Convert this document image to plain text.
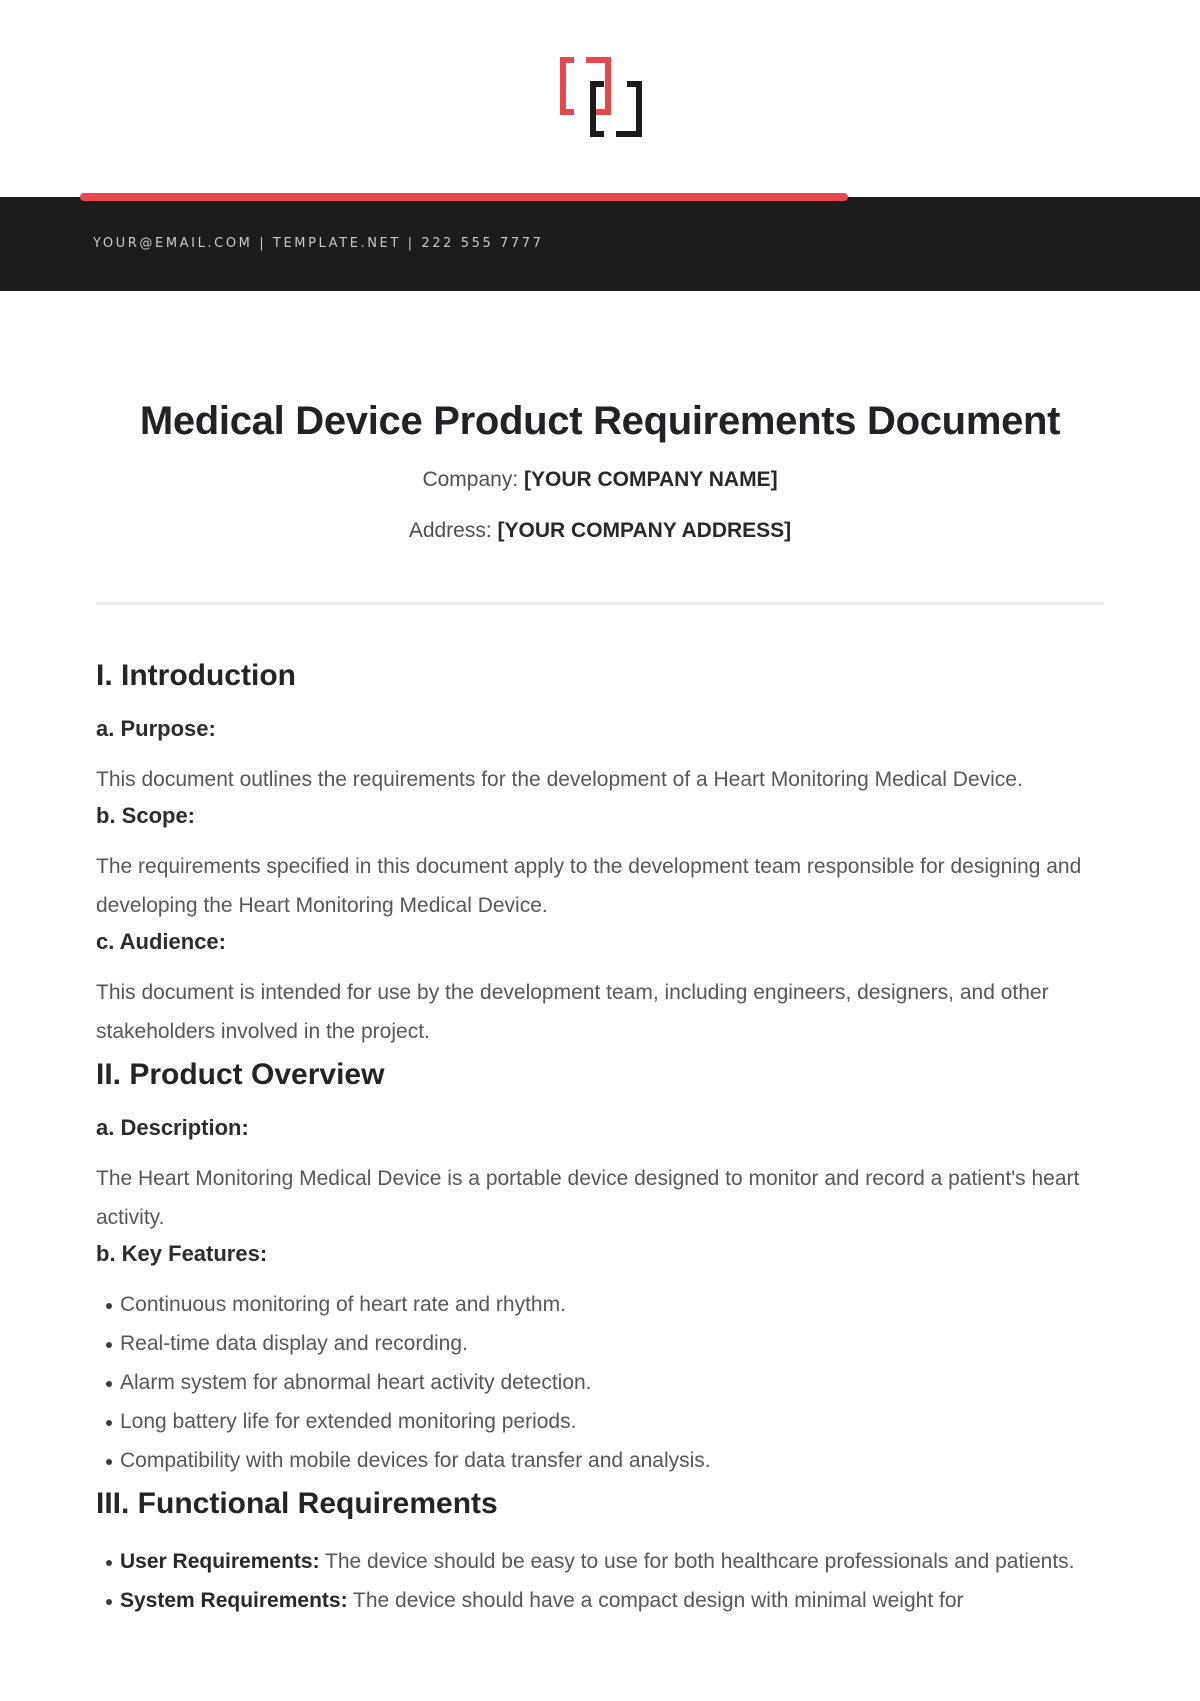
YOUR@EMAIL.COM | TEMPLATE.NET | 222 555 7777
Medical Device Product Requirements Document
Company: [YOUR COMPANY NAME]
Address: [YOUR COMPANY ADDRESS]
I. Introduction
a. Purpose:
This document outlines the requirements for the development of a Heart Monitoring Medical Device.
b. Scope:
The requirements specified in this document apply to the development team responsible for designing and developing the Heart Monitoring Medical Device.
c. Audience:
This document is intended for use by the development team, including engineers, designers, and other stakeholders involved in the project.
II. Product Overview
a. Description:
The Heart Monitoring Medical Device is a portable device designed to monitor and record a patient's heart activity.
b. Key Features:
Continuous monitoring of heart rate and rhythm.
Real-time data display and recording.
Alarm system for abnormal heart activity detection.
Long battery life for extended monitoring periods.
Compatibility with mobile devices for data transfer and analysis.
III. Functional Requirements
User Requirements: The device should be easy to use for both healthcare professionals and patients.
System Requirements: The device should have a compact design with minimal weight for
